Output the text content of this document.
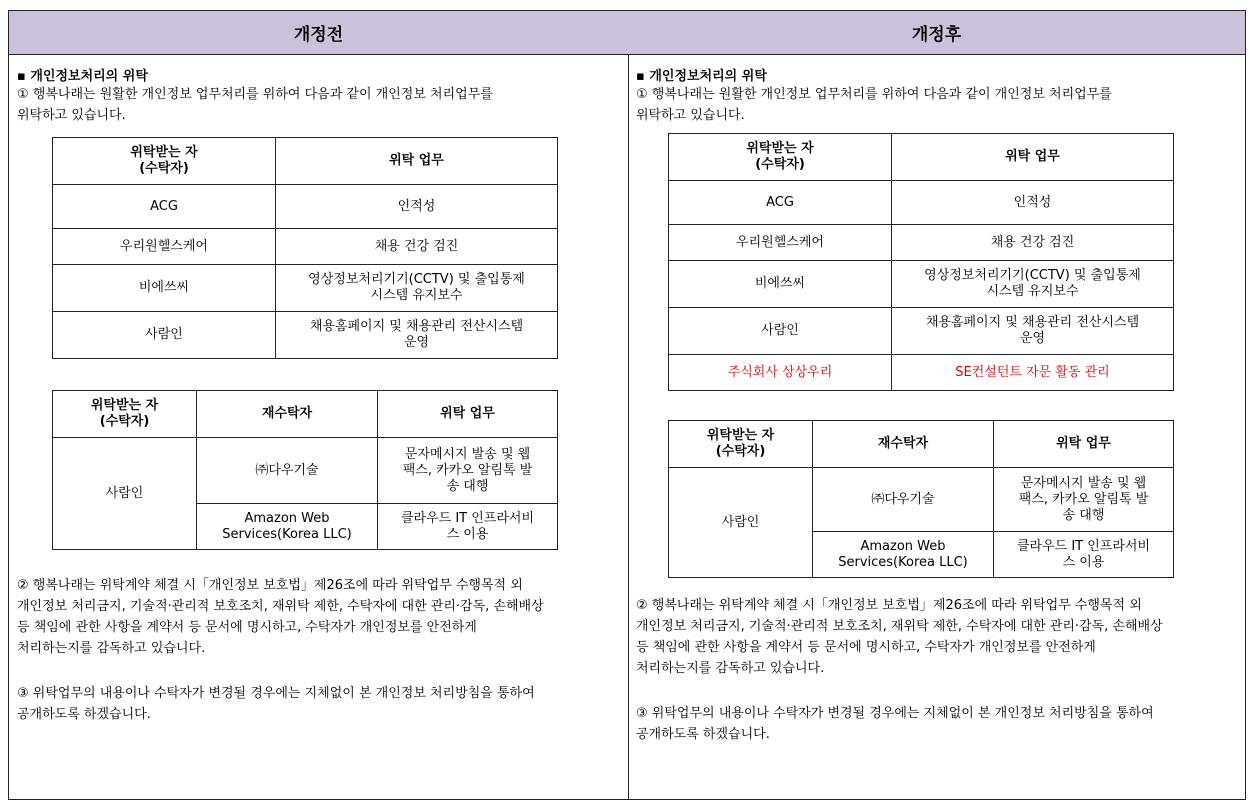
개정전
▪ 개인정보처리의 위탁
① 행복나래는 원활한 개인정보 업무처리를 위하여 다음과 같이 개인정보 처리업무를
위탁하고 있습니다.
위탁받는 자
(수탁자)	위탁 업무
ACG	인적성
우리원헬스케어	채용 건강 검진
비에쓰씨	영상정보처리기기(CCTV) 및 출입통제
시스템 유지보수
사람인	채용홈페이지 및 채용관리 전산시스템
운영
위탁받는 자
(수탁자)	재수탁자	위탁 업무
사람인	㈜다우기술	문자메시지 발송 및 웹
팩스, 카카오 알림톡 발
송 대행
	Amazon Web
Services(Korea LLC)	클라우드 IT 인프라서비
스 이용
② 행복나래는 위탁계약 체결 시「개인정보 보호법」제26조에 따라 위탁업무 수행목적 외
개인정보 처리금지, 기술적·관리적 보호조치, 재위탁 제한, 수탁자에 대한 관리·감독, 손해배상
등 책임에 관한 사항을 계약서 등 문서에 명시하고, 수탁자가 개인정보를 안전하게
처리하는지를 감독하고 있습니다.
③ 위탁업무의 내용이나 수탁자가 변경될 경우에는 지체없이 본 개인정보 처리방침을 통하여
공개하도록 하겠습니다.
개정후
▪ 개인정보처리의 위탁
① 행복나래는 원활한 개인정보 업무처리를 위하여 다음과 같이 개인정보 처리업무를
위탁하고 있습니다.
위탁받는 자
(수탁자)	위탁 업무
ACG	인적성
우리원헬스케어	채용 건강 검진
비에쓰씨	영상정보처리기기(CCTV) 및 출입통제
시스템 유지보수
사람인	채용홈페이지 및 채용관리 전산시스템
운영
주식회사 상상우리	SE컨설턴트 자문 활동 관리
위탁받는 자
(수탁자)	재수탁자	위탁 업무
사람인	㈜다우기술	문자메시지 발송 및 웹
팩스, 카카오 알림톡 발
송 대행
	Amazon Web
Services(Korea LLC)	클라우드 IT 인프라서비
스 이용
② 행복나래는 위탁계약 체결 시「개인정보 보호법」제26조에 따라 위탁업무 수행목적 외
개인정보 처리금지, 기술적·관리적 보호조치, 재위탁 제한, 수탁자에 대한 관리·감독, 손해배상
등 책임에 관한 사항을 계약서 등 문서에 명시하고, 수탁자가 개인정보를 안전하게
처리하는지를 감독하고 있습니다.
③ 위탁업무의 내용이나 수탁자가 변경될 경우에는 지체없이 본 개인정보 처리방침을 통하여
공개하도록 하겠습니다.
